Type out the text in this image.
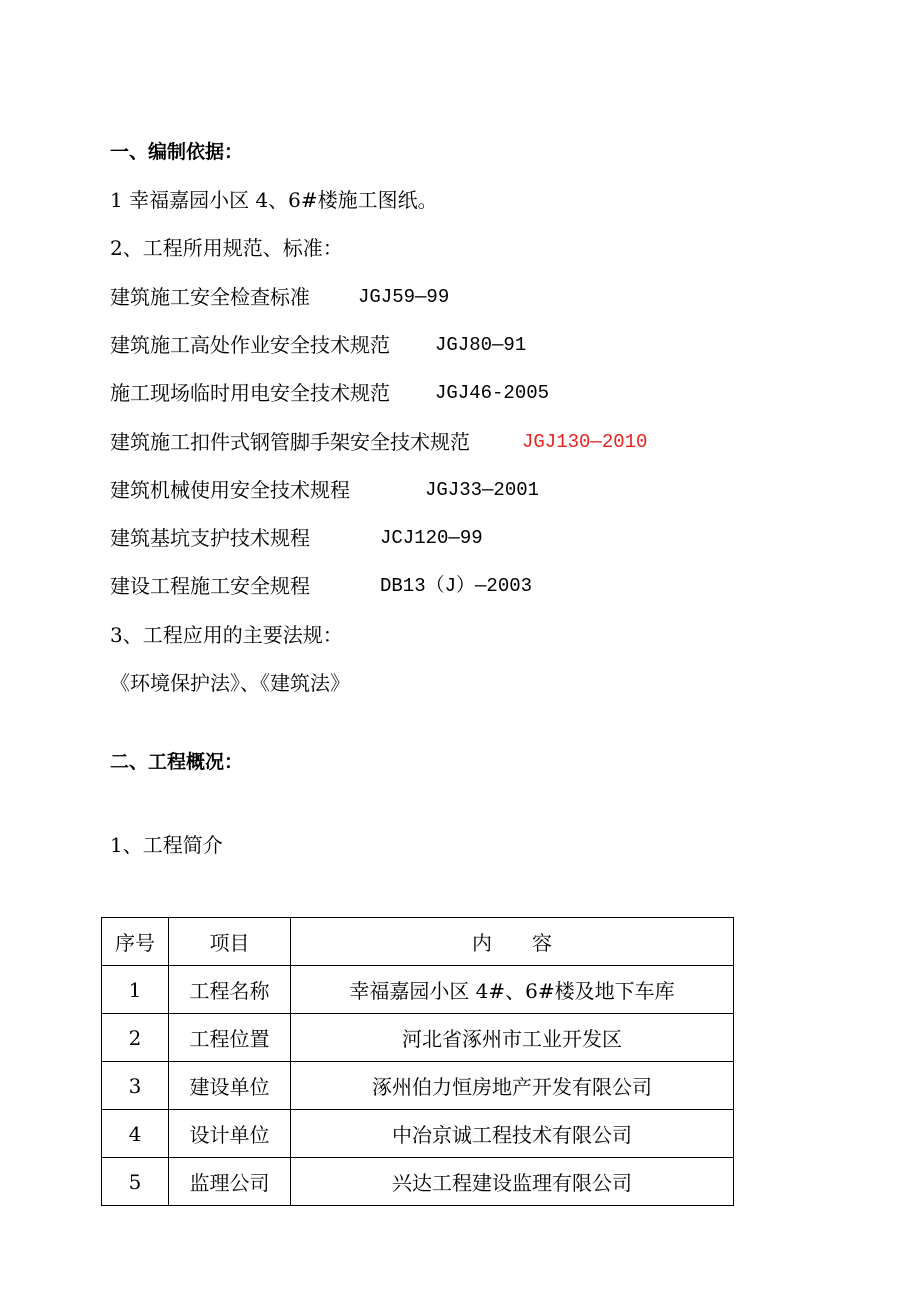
一、编制依据：
1 幸福嘉园小区 4、6#楼施工图纸。
2、工程所用规范、标准：
建筑施工安全检查标准	JGJ59—99
建筑施工高处作业安全技术规范 JGJ80—91
施工现场临时用电安全技术规范 JGJ46-2005
建筑施工扣件式钢管脚手架安全技术规范	JGJ130—2010
建筑机械使用安全技术规程	JGJ33—2001
建筑基坑支护技术规程	JCJ120—99
建设工程施工安全规程	DB13（J）—2003
3、工程应用的主要法规：
《环境保护法》、《建筑法》
二、工程概况：
1、工程简介
序号	项目	内　　容
1	工程名称	幸福嘉园小区 4#、6#楼及地下车库
2	工程位置	河北省涿州市工业开发区
3	建设单位	涿州伯力恒房地产开发有限公司
4	设计单位	中冶京诚工程技术有限公司
5	监理公司	兴达工程建设监理有限公司
